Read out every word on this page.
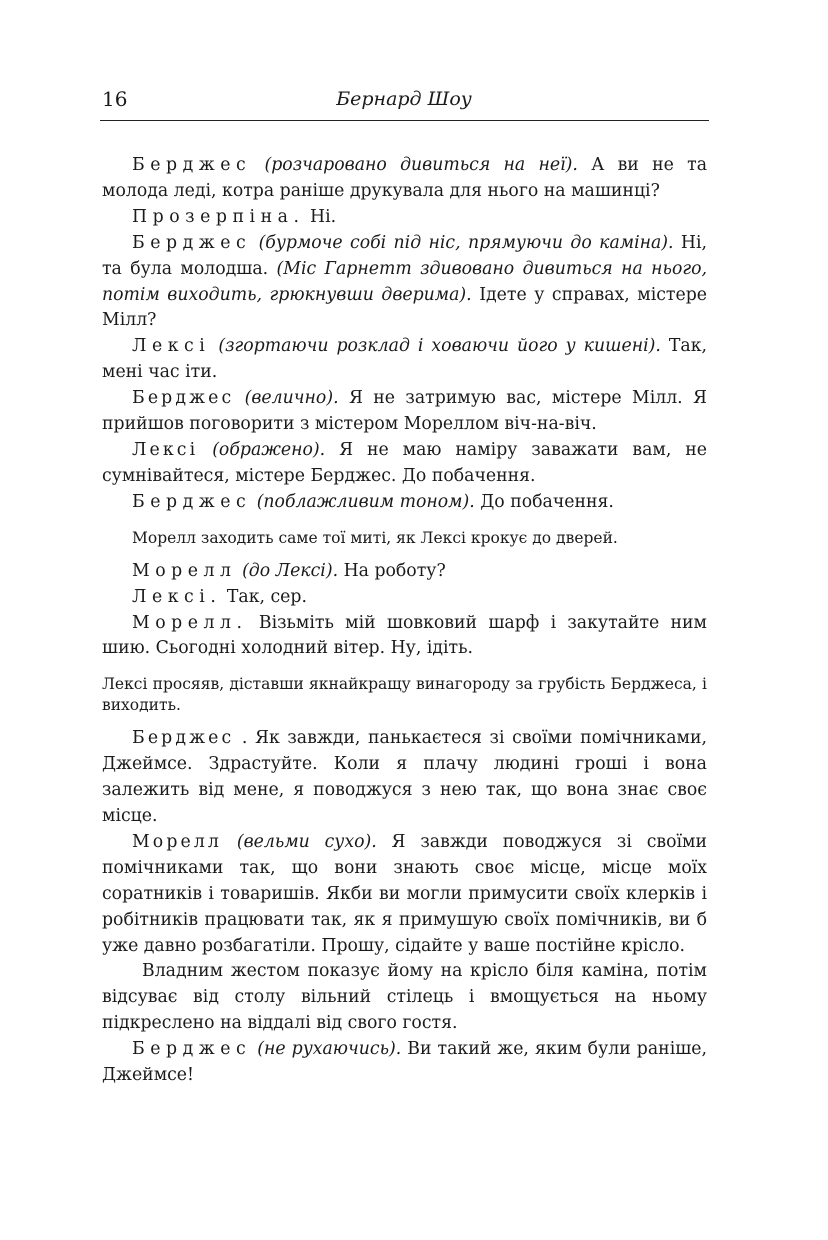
16	Бернард Шоу

Берджес (розчаровано дивиться на неї). А ви не та молода леді, котра раніше друкувала для нього на машинці?

Прозерпіна. Ні.

Берджес (бурмоче собі під ніс, прямуючи до каміна). Ні, та була молодша. (Міс Гарнетт здивовано дивиться на нього, потім виходить, грюкнувши дверима). Ідете у справах, містере Мілл?

Лексі (згортаючи розклад і ховаючи його у кишені). Так, мені час іти.

Берджес (велично). Я не затримую вас, містере Мілл. Я прийшов поговорити з містером Мореллом віч-на-віч.

Лексі (ображено). Я не маю наміру заважати вам, не сумнівайтеся, містере Берджес. До побачення.

Берджес (поблажливим тоном). До побачення.

Морелл заходить саме тої миті, як Лексі крокує до дверей.

Морелл (до Лексі). На роботу?

Лексі. Так, сер.

Морелл. Візьміть мій шовковий шарф і закутайте ним шию. Сьогодні холодний вітер. Ну, ідіть.

Лексі просяяв, діставши якнайкращу винагороду за грубість Берджеса, і виходить.

Берджес . Як завжди, панькаєтеся зі своїми помічниками, Джеймсе. Здрастуйте. Коли я плачу людині гроші і вона залежить від мене, я поводжуся з нею так, що вона знає своє місце.

Морелл (вельми сухо). Я завжди поводжуся зі своїми помічниками так, що вони знають своє місце, місце моїх соратників і товаришів. Якби ви могли примусити своїх клерків і робітників працювати так, як я примушую своїх помічників, ви б уже давно розбагатіли. Прошу, сідайте у ваше постійне крісло.

Владним жестом показує йому на крісло біля каміна, потім відсуває від столу вільний стілець і вмощується на ньому підкреслено на віддалі від свого гостя.

Берджес (не рухаючись). Ви такий же, яким були раніше, Джеймсе!
